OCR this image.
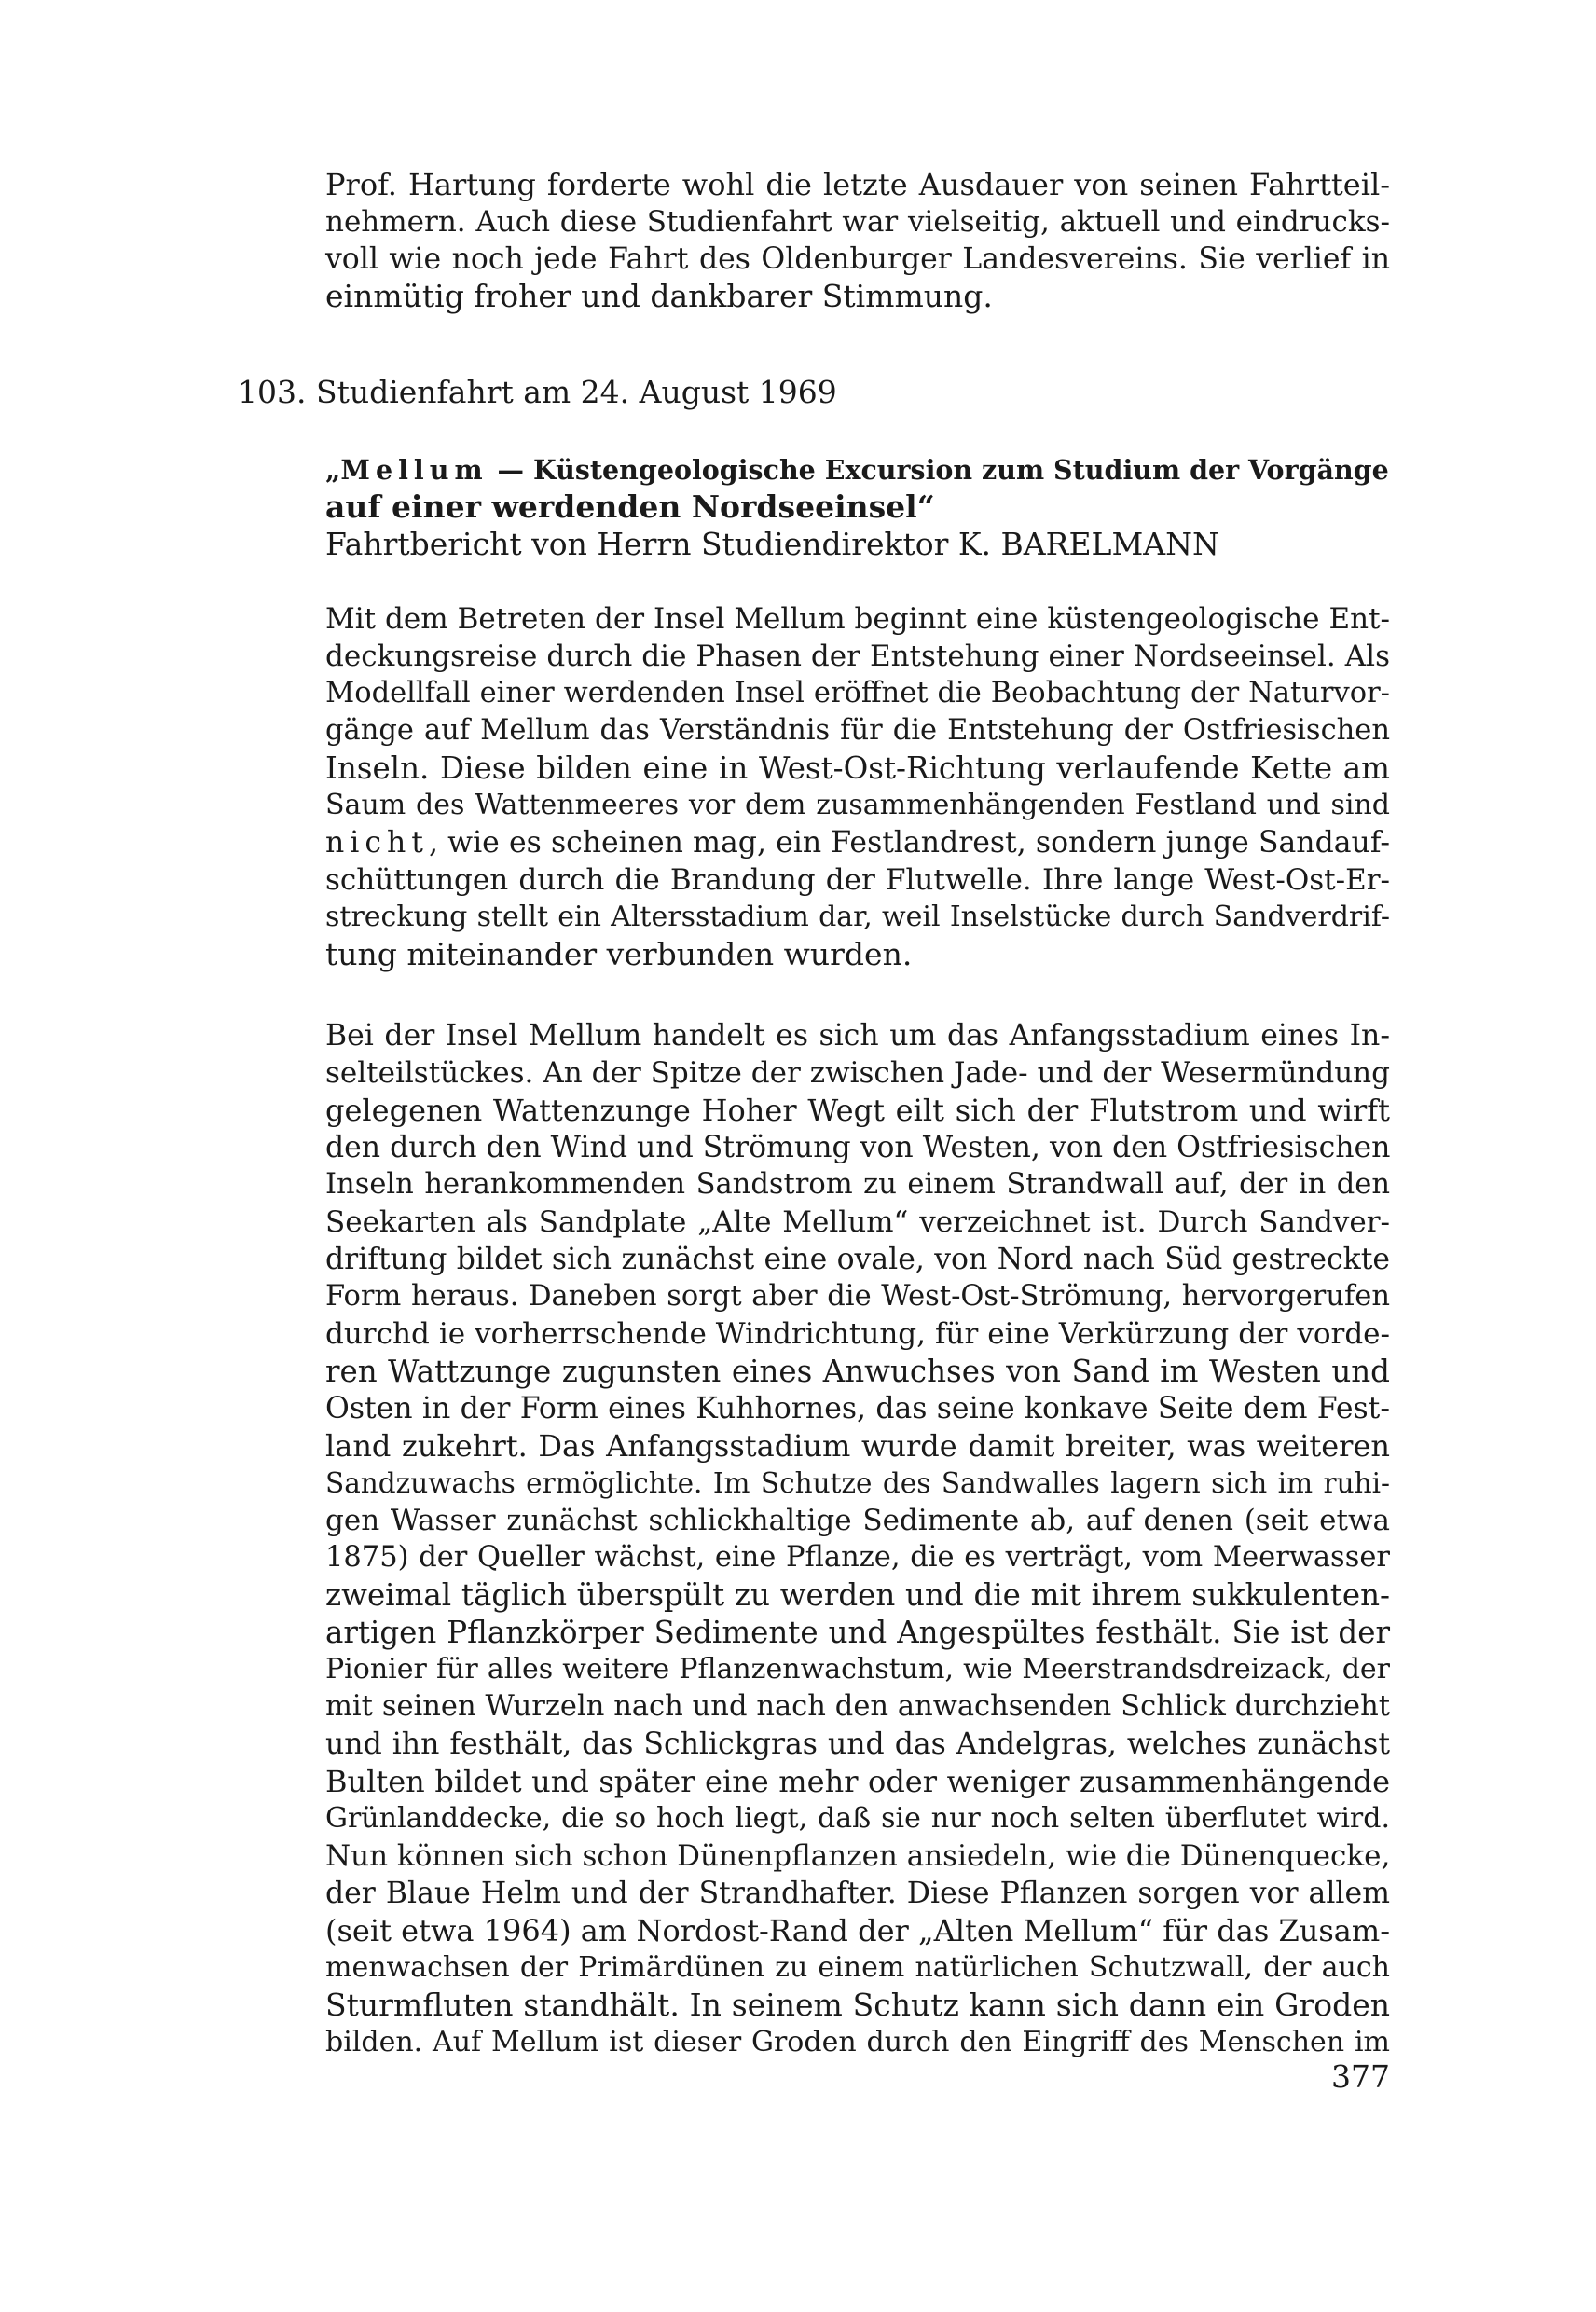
Prof. Hartung forderte wohl die letzte Ausdauer von seinen Fahrtteil-
nehmern. Auch diese Studienfahrt war vielseitig, aktuell und eindrucks-
voll wie noch jede Fahrt des Oldenburger Landesvereins. Sie verlief in
einmütig froher und dankbarer Stimmung.
103. Studienfahrt am 24. August 1969
„Mellum — Küstengeologische Excursion zum Studium der Vorgänge
auf einer werdenden Nordseeinsel“
Fahrtbericht von Herrn Studiendirektor K. BARELMANN
Mit dem Betreten der Insel Mellum beginnt eine küstengeologische Ent-
deckungsreise durch die Phasen der Entstehung einer Nordseeinsel. Als
Modellfall einer werdenden Insel eröffnet die Beobachtung der Naturvor-
gänge auf Mellum das Verständnis für die Entstehung der Ostfriesischen
Inseln. Diese bilden eine in West-Ost-Richtung verlaufende Kette am
Saum des Wattenmeeres vor dem zusammenhängenden Festland und sind
nicht, wie es scheinen mag, ein Festlandrest, sondern junge Sandauf-
schüttungen durch die Brandung der Flutwelle. Ihre lange West-Ost-Er-
streckung stellt ein Altersstadium dar, weil Inselstücke durch Sandverdrif-
tung miteinander verbunden wurden.
Bei der Insel Mellum handelt es sich um das Anfangsstadium eines In-
selteilstückes. An der Spitze der zwischen Jade- und der Wesermündung
gelegenen Wattenzunge Hoher Wegt eilt sich der Flutstrom und wirft
den durch den Wind und Strömung von Westen, von den Ostfriesischen
Inseln herankommenden Sandstrom zu einem Strandwall auf, der in den
Seekarten als Sandplate „Alte Mellum“ verzeichnet ist. Durch Sandver-
driftung bildet sich zunächst eine ovale, von Nord nach Süd gestreckte
Form heraus. Daneben sorgt aber die West-Ost-Strömung, hervorgerufen
durchd ie vorherrschende Windrichtung, für eine Verkürzung der vorde-
ren Wattzunge zugunsten eines Anwuchses von Sand im Westen und
Osten in der Form eines Kuhhornes, das seine konkave Seite dem Fest-
land zukehrt. Das Anfangsstadium wurde damit breiter, was weiteren
Sandzuwachs ermöglichte. Im Schutze des Sandwalles lagern sich im ruhi-
gen Wasser zunächst schlickhaltige Sedimente ab, auf denen (seit etwa
1875) der Queller wächst, eine Pflanze, die es verträgt, vom Meerwasser
zweimal täglich überspült zu werden und die mit ihrem sukkulenten-
artigen Pflanzkörper Sedimente und Angespültes festhält. Sie ist der
Pionier für alles weitere Pflanzenwachstum, wie Meerstrandsdreizack, der
mit seinen Wurzeln nach und nach den anwachsenden Schlick durchzieht
und ihn festhält, das Schlickgras und das Andelgras, welches zunächst
Bulten bildet und später eine mehr oder weniger zusammenhängende
Grünlanddecke, die so hoch liegt, daß sie nur noch selten überflutet wird.
Nun können sich schon Dünenpflanzen ansiedeln, wie die Dünenquecke,
der Blaue Helm und der Strandhafter. Diese Pflanzen sorgen vor allem
(seit etwa 1964) am Nordost-Rand der „Alten Mellum“ für das Zusam-
menwachsen der Primärdünen zu einem natürlichen Schutzwall, der auch
Sturmfluten standhält. In seinem Schutz kann sich dann ein Groden
bilden. Auf Mellum ist dieser Groden durch den Eingriff des Menschen im
377
